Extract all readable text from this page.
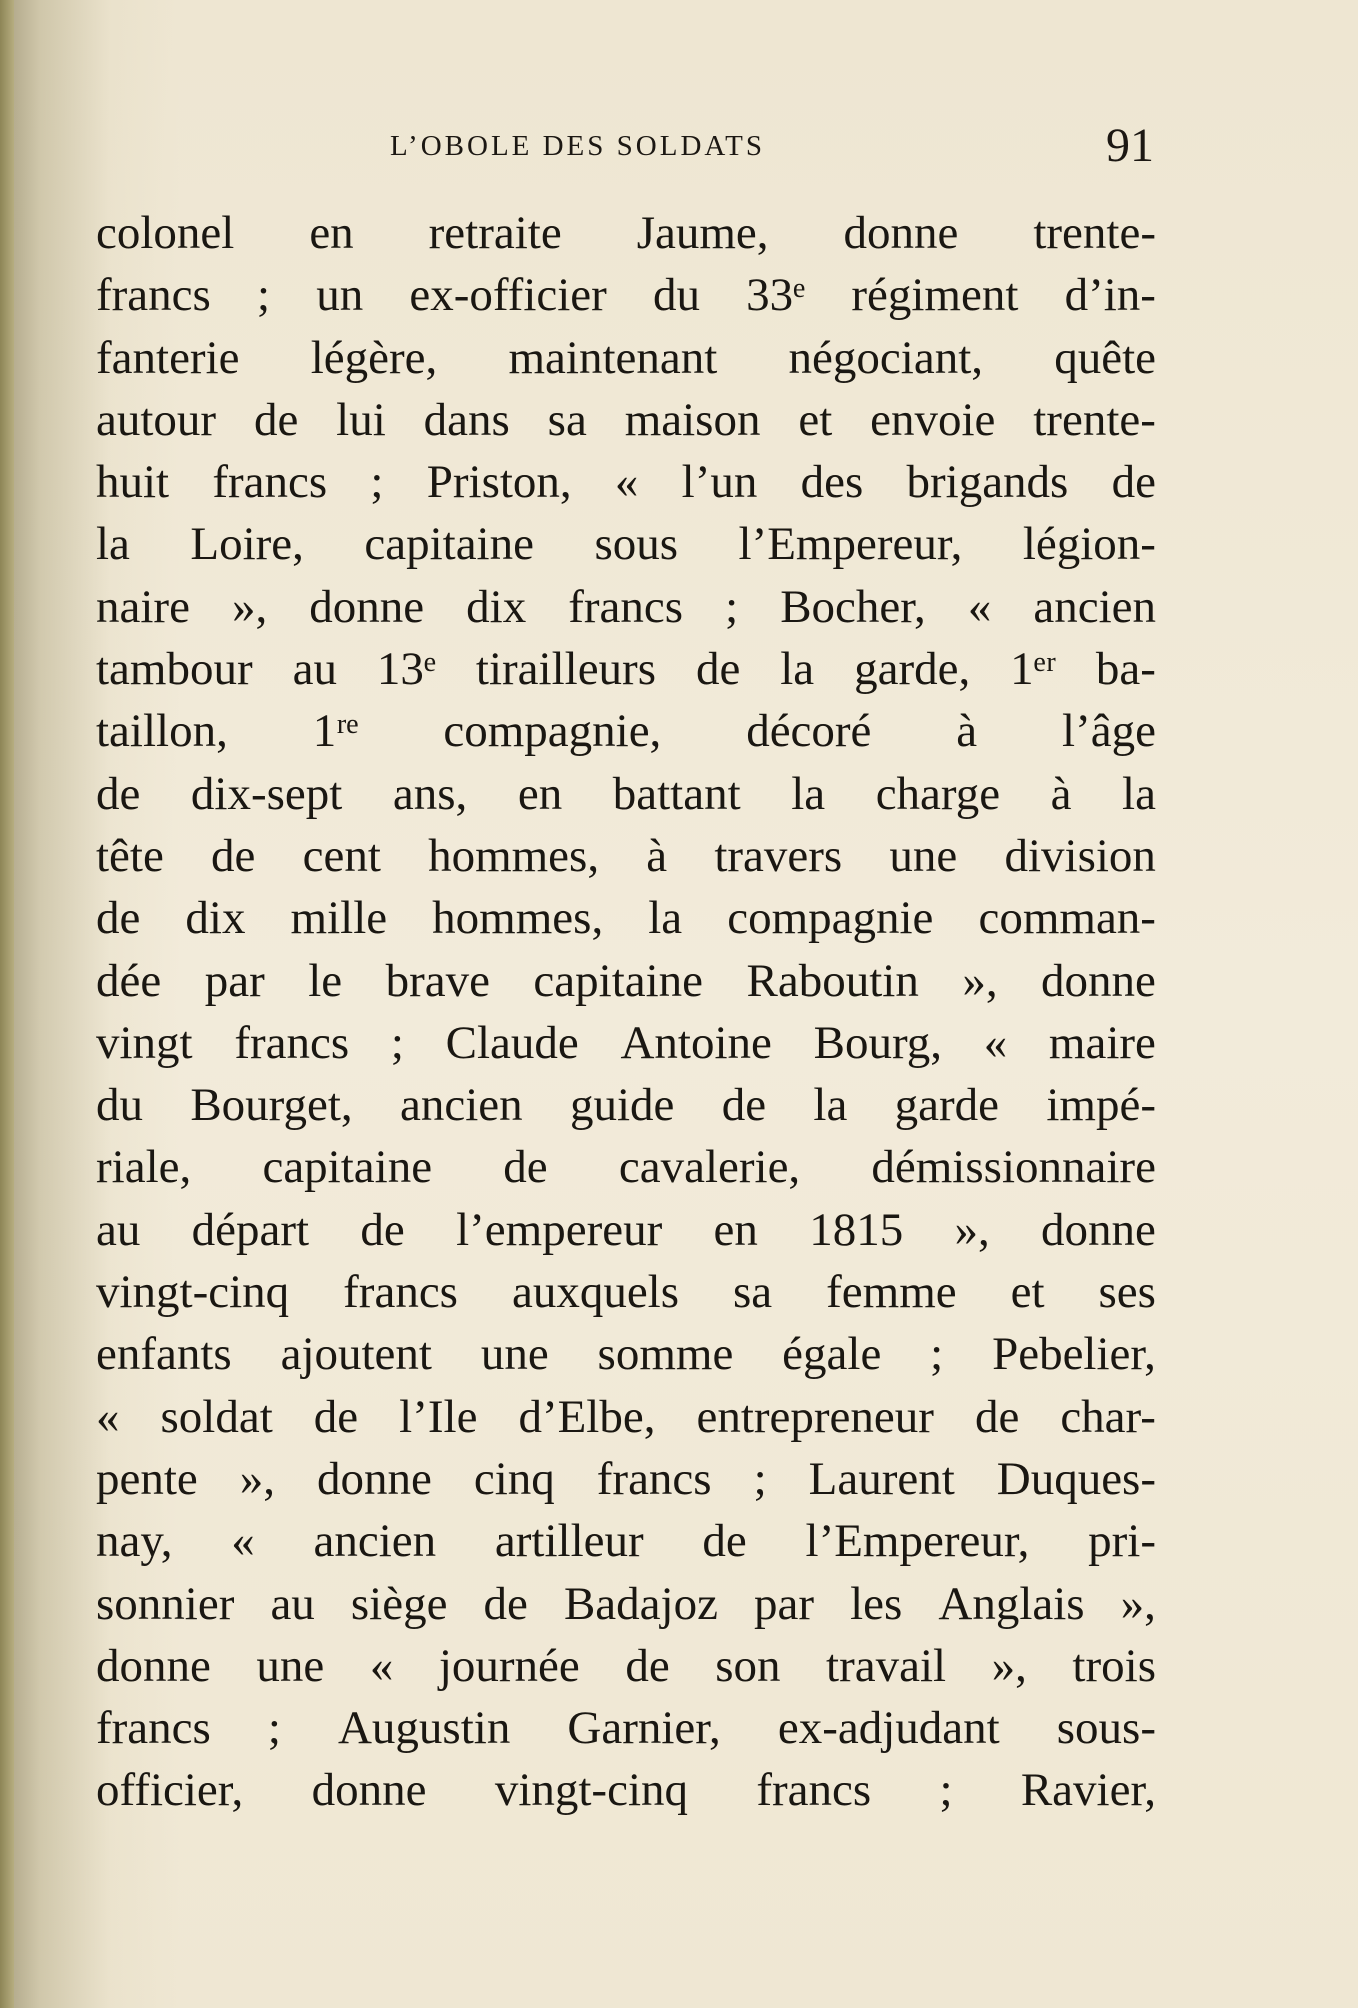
L’OBOLE DES SOLDATS	91
colonel en retraite Jaume, donne trente-
francs ; un ex-officier du 33ᵉ régiment d’in-
fanterie légère, maintenant négociant, quête
autour de lui dans sa maison et envoie trente-
huit francs ; Priston, « l’un des brigands de
la Loire, capitaine sous l’Empereur, légion-
naire », donne dix francs ; Bocher, « ancien
tambour au 13ᵉ tirailleurs de la garde, 1ᵉʳ ba-
taillon, 1ʳᵉ compagnie, décoré à l’âge
de dix-sept ans, en battant la charge à la
tête de cent hommes, à travers une division
de dix mille hommes, la compagnie comman-
dée par le brave capitaine Raboutin », donne
vingt francs ; Claude Antoine Bourg, « maire
du Bourget, ancien guide de la garde impé-
riale, capitaine de cavalerie, démissionnaire
au départ de l’empereur en 1815 », donne
vingt-cinq francs auxquels sa femme et ses
enfants ajoutent une somme égale ; Pebelier,
« soldat de l’Ile d’Elbe, entrepreneur de char-
pente », donne cinq francs ; Laurent Duques-
nay, « ancien artilleur de l’Empereur, pri-
sonnier au siège de Badajoz par les Anglais »,
donne une « journée de son travail », trois
francs ; Augustin Garnier, ex-adjudant sous-
officier, donne vingt-cinq francs ; Ravier,
